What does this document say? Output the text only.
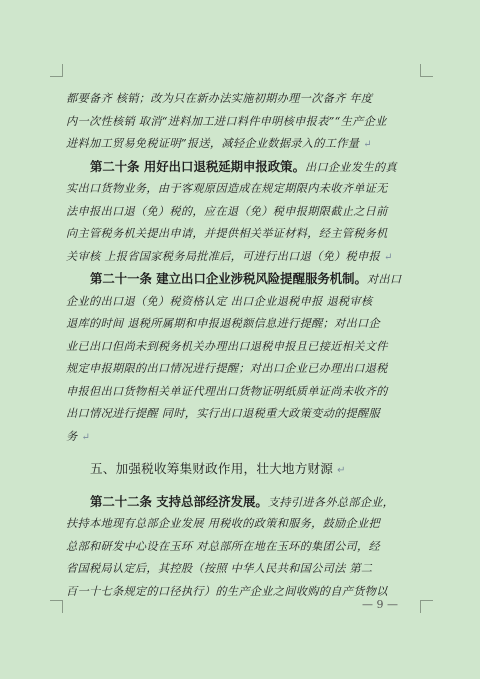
都要备齐 核销；改为只在新办法实施初期办理一次备齐 年度
内一次性核销 取消“进料加工进口料件申明核申报表”“生产企业
进料加工贸易免税证明”报送，减轻企业数据录入的工作量 ↵
第二十条 用好出口退税延期申报政策。出口企业发生的真
实出口货物业务，由于客观原因造成在规定期限内未收齐单证无
法申报出口退（免）税的，应在退（免）税申报期限截止之日前
向主管税务机关提出申请，并提供相关举证材料，经主管税务机
关审核 上报省国家税务局批准后，可进行出口退（免）税申报 ↵
第二十一条 建立出口企业涉税风险提醒服务机制。对出口
企业的出口退（免）税资格认定 出口企业退税申报 退税审核
退库的时间 退税所属期和申报退税额信息进行提醒；对出口企
业已出口但尚未到税务机关办理出口退税申报且已接近相关文件
规定申报期限的出口情况进行提醒；对出口企业已办理出口退税
申报但出口货物相关单证代理出口货物证明纸质单证尚未收齐的
出口情况进行提醒 同时，实行出口退税重大政策变动的提醒服
务 ↵
五、加强税收筹集财政作用，壮大地方财源 ↵
第二十二条 支持总部经济发展。支持引进各外总部企业，
扶持本地现有总部企业发展 用税收的政策和服务，鼓励企业把
总部和研发中心设在玉环 对总部所在地在玉环的集团公司，经
省国税局认定后，其控股（按照 中华人民共和国公司法 第二
百一十七条规定的口径执行）的生产企业之间收购的自产货物以
— 9 —
